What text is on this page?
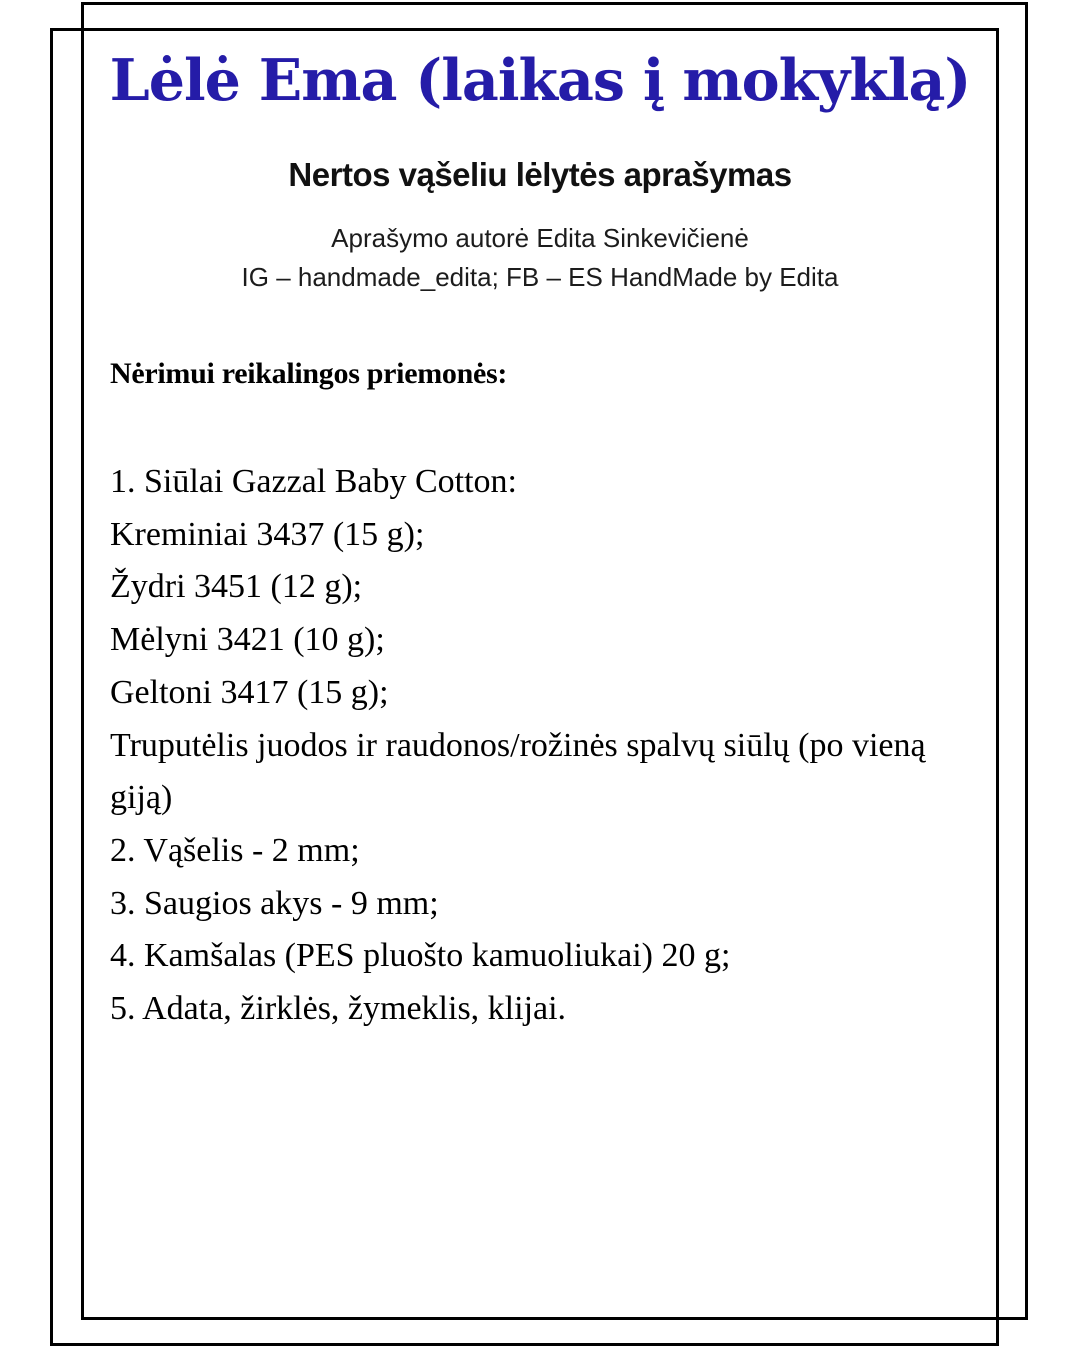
Lėlė Ema (laikas į mokyklą)
Nertos vąšeliu lėlytės aprašymas
Aprašymo autorė Edita Sinkevičienė
IG – handmade_edita; FB – ES HandMade by Edita
Nėrimui reikalingos priemonės:
1. Siūlai Gazzal Baby Cotton:
Kreminiai 3437 (15 g);
Žydri 3451 (12 g);
Mėlyni 3421 (10 g);
Geltoni 3417 (15 g);
Truputėlis juodos ir raudonos/rožinės spalvų siūlų (po vieną
giją)
2. Vąšelis - 2 mm;
3. Saugios akys - 9 mm;
4. Kamšalas (PES pluošto kamuoliukai) 20 g;
5. Adata, žirklės, žymeklis, klijai.
